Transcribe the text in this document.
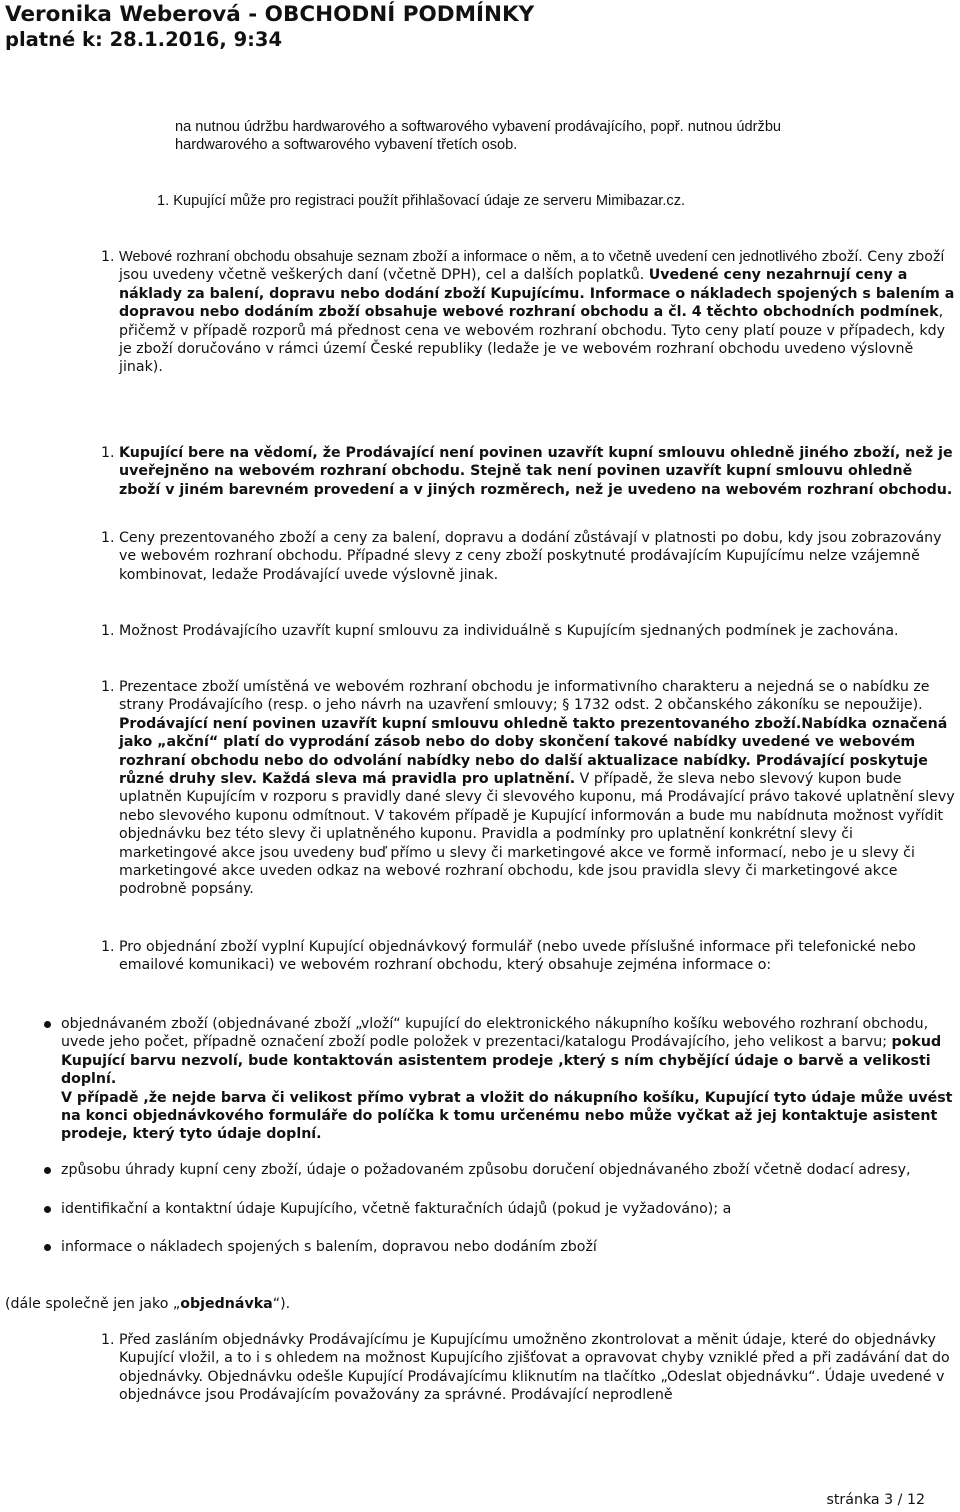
Veronika Weberová - OBCHODNÍ PODMÍNKY
platné k: 28.1.2016, 9:34
na nutnou údržbu hardwarového a softwarového vybavení prodávajícího, popř. nutnou údržbu
hardwarového a softwarového vybavení třetích osob.
1. Kupující může pro registraci použít přihlašovací údaje ze serveru Mimibazar.cz.
1. Webové rozhraní obchodu obsahuje seznam zboží a informace o něm, a to včetně uvedení cen jednotlivého zboží. Ceny zboží jsou uvedeny včetně veškerých daní (včetně DPH), cel a dalších poplatků. Uvedené ceny nezahrnují ceny a náklady za balení, dopravu nebo dodání zboží Kupujícímu. Informace o nákladech spojených s balením a dopravou nebo dodáním zboží obsahuje webové rozhraní obchodu a čl. 4 těchto obchodních podmínek, přičemž v případě rozporů má přednost cena ve webovém rozhraní obchodu. Tyto ceny platí pouze v případech, kdy je zboží doručováno v rámci území České republiky (ledaže je ve webovém rozhraní obchodu uvedeno výslovně jinak).
1. Kupující bere na vědomí, že Prodávající není povinen uzavřít kupní smlouvu ohledně jiného zboží, než je uveřejněno na webovém rozhraní obchodu. Stejně tak není povinen uzavřít kupní smlouvu ohledně zboží v jiném barevném provedení a v jiných rozměrech, než je uvedeno na webovém rozhraní obchodu.
1. Ceny prezentovaného zboží a ceny za balení, dopravu a dodání zůstávají v platnosti po dobu, kdy jsou zobrazovány ve webovém rozhraní obchodu. Případné slevy z ceny zboží poskytnuté prodávajícím Kupujícímu nelze vzájemně kombinovat, ledaže Prodávající uvede výslovně jinak.
1. Možnost Prodávajícího uzavřít kupní smlouvu za individuálně s Kupujícím sjednaných podmínek je zachována.
1. Prezentace zboží umístěná ve webovém rozhraní obchodu je informativního charakteru a nejedná se o nabídku ze strany Prodávajícího (resp. o jeho návrh na uzavření smlouvy; § 1732 odst. 2 občanského zákoníku se nepoužije). Prodávající není povinen uzavřít kupní smlouvu ohledně takto prezentovaného zboží.Nabídka označená jako „akční“ platí do vyprodání zásob nebo do doby skončení takové nabídky uvedené ve webovém rozhraní obchodu nebo do odvolání nabídky nebo do další aktualizace nabídky. Prodávající poskytuje různé druhy slev. Každá sleva má pravidla pro uplatnění. V případě, že sleva nebo slevový kupon bude uplatněn Kupujícím v rozporu s pravidly dané slevy či slevového kuponu, má Prodávající právo takové uplatnění slevy nebo slevového kuponu odmítnout. V takovém případě je Kupující informován a bude mu nabídnuta možnost vyřídit objednávku bez této slevy či uplatněného kuponu. Pravidla a podmínky pro uplatnění konkrétní slevy či marketingové akce jsou uvedeny buď přímo u slevy či marketingové akce ve formě informací, nebo je u slevy či marketingové akce uveden odkaz na webové rozhraní obchodu, kde jsou pravidla slevy či marketingové akce podrobně popsány.
1. Pro objednání zboží vyplní Kupující objednávkový formulář (nebo uvede příslušné informace při telefonické nebo emailové komunikaci) ve webovém rozhraní obchodu, který obsahuje zejména informace o:
objednávaném zboží (objednávané zboží „vloží“ kupující do elektronického nákupního košíku webového rozhraní obchodu, uvede jeho počet, případně označení zboží podle položek v prezentaci/katalogu Prodávajícího, jeho velikost a barvu; pokud Kupující barvu nezvolí, bude kontaktován asistentem prodeje ,který s ním chybějící údaje o barvě a velikosti doplní.
V případě ,že nejde barva či velikost přímo vybrat a vložit do nákupního košíku, Kupující tyto údaje může uvést na konci objednávkového formuláře do políčka k tomu určenému nebo může vyčkat až jej kontaktuje asistent prodeje, který tyto údaje doplní.
způsobu úhrady kupní ceny zboží, údaje o požadovaném způsobu doručení objednávaného zboží včetně dodací adresy,
identifikační a kontaktní údaje Kupujícího, včetně fakturačních údajů (pokud je vyžadováno); a
informace o nákladech spojených s balením, dopravou nebo dodáním zboží
(dále společně jen jako „objednávka“).
1. Před zasláním objednávky Prodávajícímu je Kupujícímu umožněno zkontrolovat a měnit údaje, které do objednávky Kupující vložil, a to i s ohledem na možnost Kupujícího zjišťovat a opravovat chyby vzniklé před a při zadávání dat do objednávky. Objednávku odešle Kupující Prodávajícímu kliknutím na tlačítko „Odeslat objednávku“. Údaje uvedené v objednávce jsou Prodávajícím považovány za správné. Prodávající neprodleně
stránka 3 / 12
